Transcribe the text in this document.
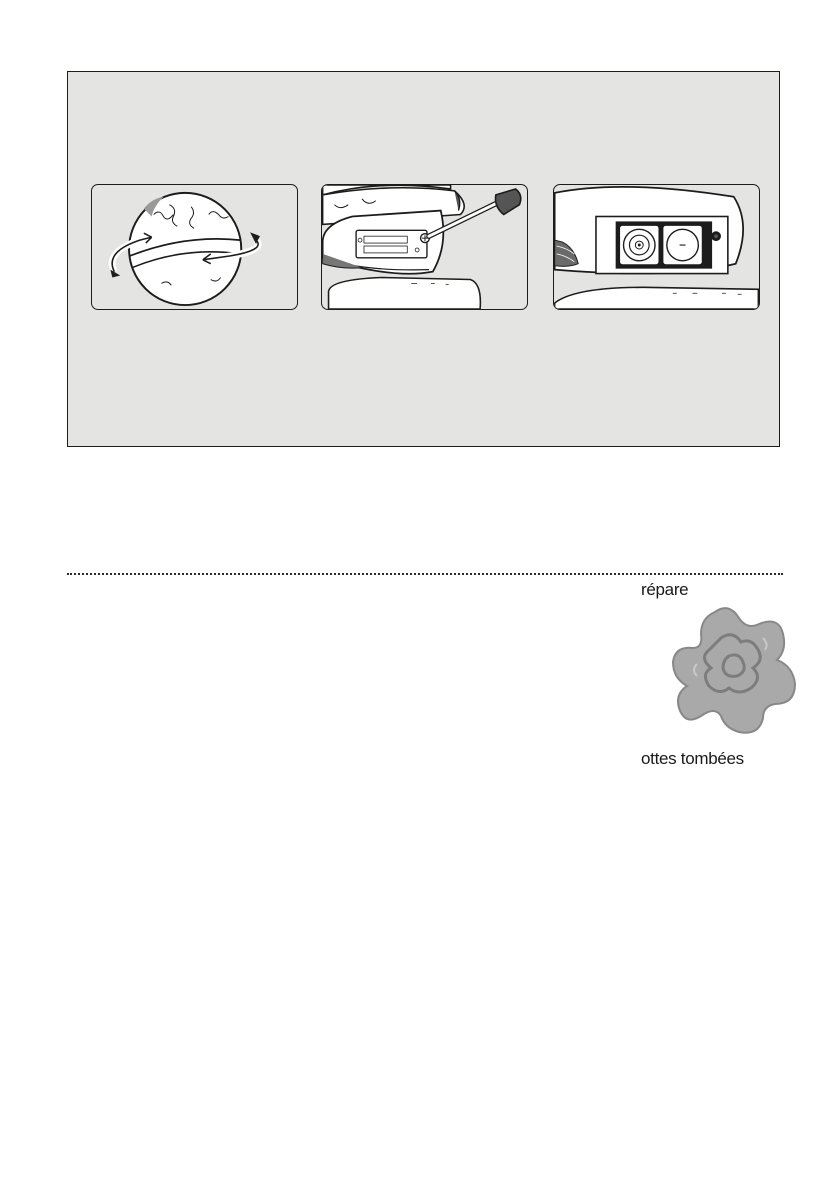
répare
ottes tombées
